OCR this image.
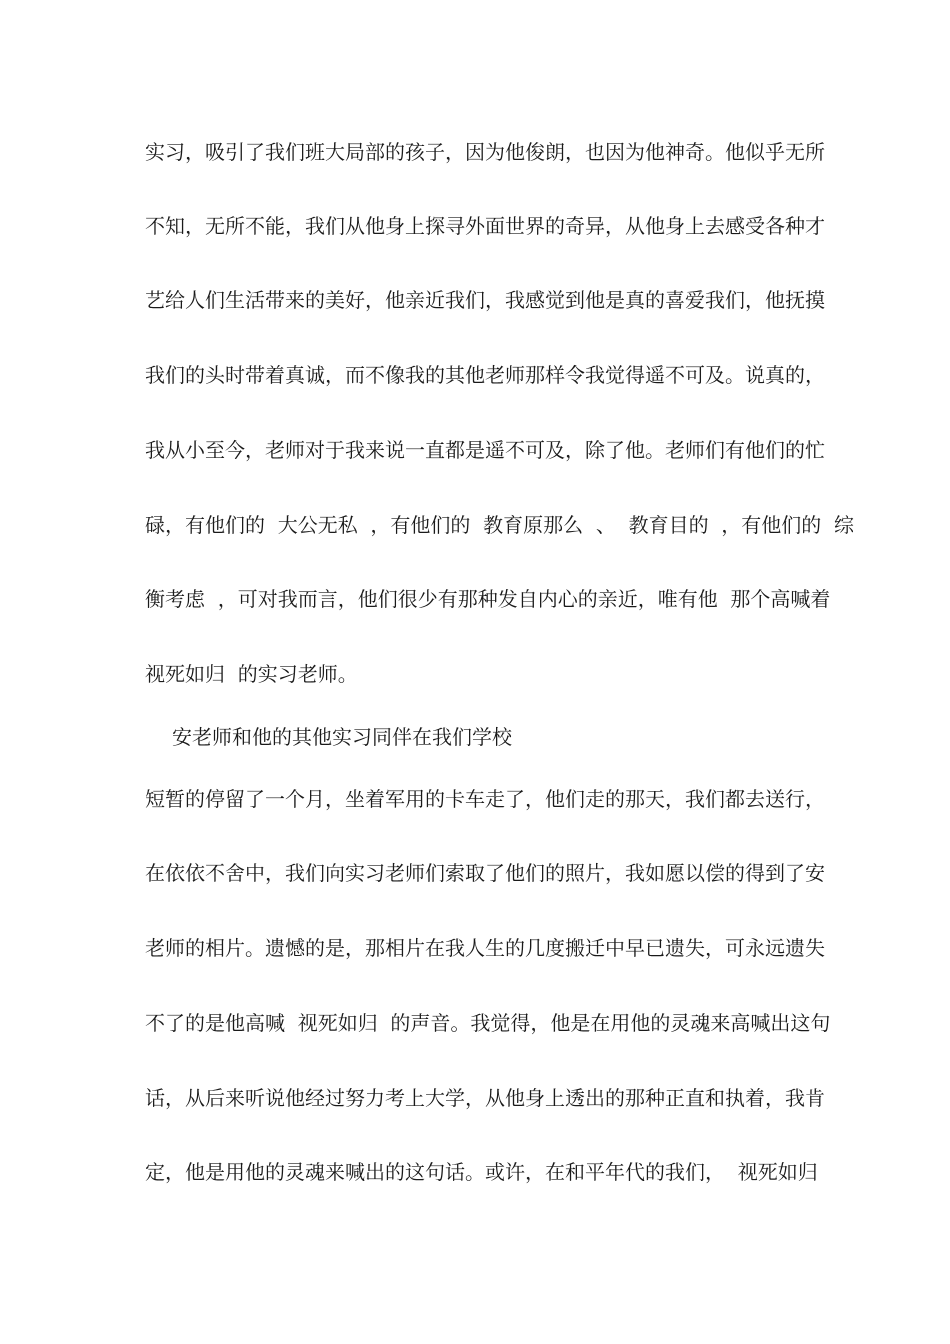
实习，吸引了我们班大局部的孩子，因为他俊朗，也因为他神奇。他似乎无所
不知，无所不能，我们从他身上探寻外面世界的奇异，从他身上去感受各种才
艺给人们生活带来的美好，他亲近我们，我感觉到他是真的喜爱我们，他抚摸
我们的头时带着真诚，而不像我的其他老师那样令我觉得遥不可及。说真的，
我从小至今，老师对于我来说一直都是遥不可及，除了他。老师们有他们的忙
碌，有他们的  大公无私  ，有他们的  教育原那么  、  教育目的  ，有他们的  综
衡考虑  ，可对我而言，他们很少有那种发自内心的亲近，唯有他  那个高喊着
视死如归  的实习老师。
安老师和他的其他实习同伴在我们学校
短暂的停留了一个月，坐着军用的卡车走了，他们走的那天，我们都去送行，
在依依不舍中，我们向实习老师们索取了他们的照片，我如愿以偿的得到了安
老师的相片。遗憾的是，那相片在我人生的几度搬迁中早已遗失，可永远遗失
不了的是他高喊  视死如归  的声音。我觉得，他是在用他的灵魂来高喊出这句
话，从后来听说他经过努力考上大学，从他身上透出的那种正直和执着，我肯
定，他是用他的灵魂来喊出的这句话。或许，在和平年代的我们，  视死如归
